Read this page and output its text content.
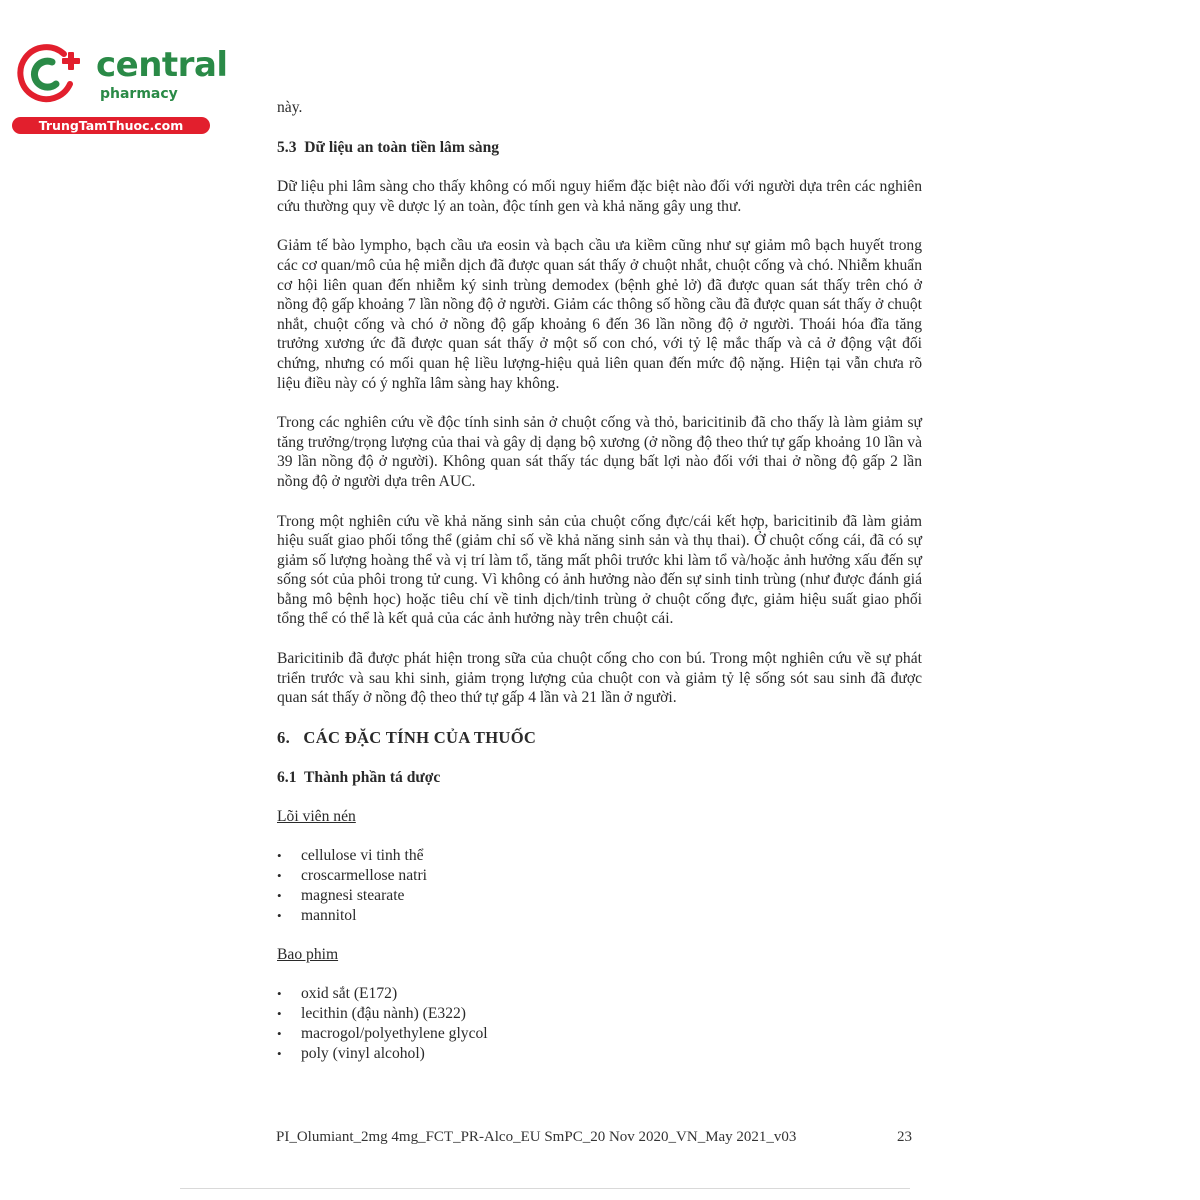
central
pharmacy
TrungTamThuoc.com

này.

5.3 Dữ liệu an toàn tiền lâm sàng

Dữ liệu phi lâm sàng cho thấy không có mối nguy hiểm đặc biệt nào đối với người dựa trên các nghiên cứu thường quy về dược lý an toàn, độc tính gen và khả năng gây ung thư.

Giảm tế bào lympho, bạch cầu ưa eosin và bạch cầu ưa kiềm cũng như sự giảm mô bạch huyết trong các cơ quan/mô của hệ miễn dịch đã được quan sát thấy ở chuột nhắt, chuột cống và chó. Nhiễm khuẩn cơ hội liên quan đến nhiễm ký sinh trùng demodex (bệnh ghẻ lở) đã được quan sát thấy trên chó ở nồng độ gấp khoảng 7 lần nồng độ ở người. Giảm các thông số hồng cầu đã được quan sát thấy ở chuột nhắt, chuột cống và chó ở nồng độ gấp khoảng 6 đến 36 lần nồng độ ở người. Thoái hóa đĩa tăng trưởng xương ức đã được quan sát thấy ở một số con chó, với tỷ lệ mắc thấp và cả ở động vật đối chứng, nhưng có mối quan hệ liều lượng-hiệu quả liên quan đến mức độ nặng. Hiện tại vẫn chưa rõ liệu điều này có ý nghĩa lâm sàng hay không.

Trong các nghiên cứu về độc tính sinh sản ở chuột cống và thỏ, baricitinib đã cho thấy là làm giảm sự tăng trưởng/trọng lượng của thai và gây dị dạng bộ xương (ở nồng độ theo thứ tự gấp khoảng 10 lần và 39 lần nồng độ ở người). Không quan sát thấy tác dụng bất lợi nào đối với thai ở nồng độ gấp 2 lần nồng độ ở người dựa trên AUC.

Trong một nghiên cứu về khả năng sinh sản của chuột cống đực/cái kết hợp, baricitinib đã làm giảm hiệu suất giao phối tổng thể (giảm chỉ số về khả năng sinh sản và thụ thai). Ở chuột cống cái, đã có sự giảm số lượng hoàng thể và vị trí làm tổ, tăng mất phôi trước khi làm tổ và/hoặc ảnh hưởng xấu đến sự sống sót của phôi trong tử cung. Vì không có ảnh hưởng nào đến sự sinh tinh trùng (như được đánh giá bằng mô bệnh học) hoặc tiêu chí về tinh dịch/tinh trùng ở chuột cống đực, giảm hiệu suất giao phối tổng thể có thể là kết quả của các ảnh hưởng này trên chuột cái.

Baricitinib đã được phát hiện trong sữa của chuột cống cho con bú. Trong một nghiên cứu về sự phát triển trước và sau khi sinh, giảm trọng lượng của chuột con và giảm tỷ lệ sống sót sau sinh đã được quan sát thấy ở nồng độ theo thứ tự gấp 4 lần và 21 lần ở người.

6. CÁC ĐẶC TÍNH CỦA THUỐC
6.1 Thành phần tá dược

Lõi viên nén

• cellulose vi tinh thể
• croscarmellose natri
• magnesi stearate
• mannitol

Bao phim

• oxid sắt (E172)
• lecithin (đậu nành) (E322)
• macrogol/polyethylene glycol
• poly (vinyl alcohol)
PI_Olumiant_2mg 4mg_FCT_PR-Alco_EU SmPC_20 Nov 2020_VN_May 2021_v03	23
